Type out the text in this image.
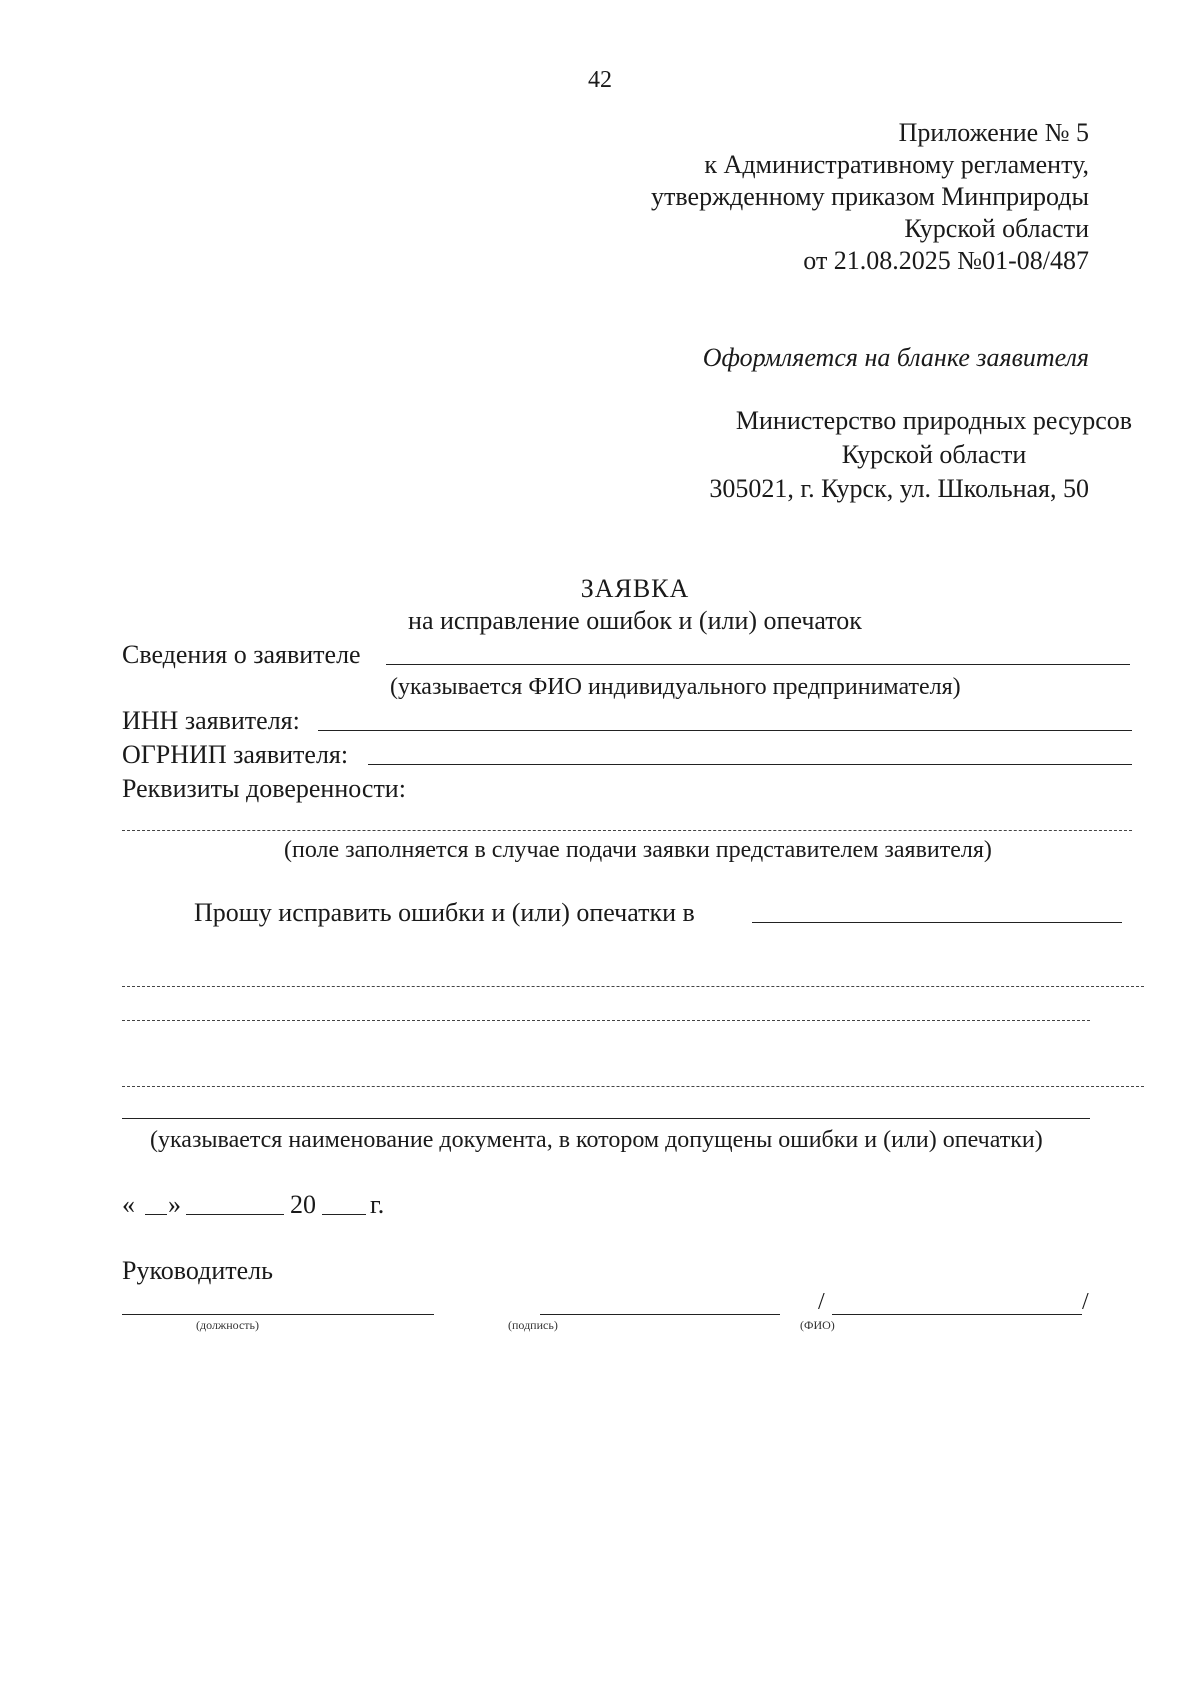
42
Приложение № 5
к Административному регламенту,
утвержденному приказом Минприроды
Курской области
от 21.08.2025 №01-08/487
Оформляется на бланке заявителя
Министерство природных ресурсов
Курской области
305021, г. Курск, ул. Школьная, 50
ЗАЯВКА
на исправление ошибок и (или) опечаток
Сведения о заявителе
(указывается ФИО индивидуального предпринимателя)
ИНН заявителя:
ОГРНИП заявителя:
Реквизиты доверенности:
(поле заполняется в случае подачи заявки представителем заявителя)
Прошу исправить ошибки и (или) опечатки в
(указывается наименование документа, в котором допущены ошибки и (или) опечатки)
« »	20 г.
Руководитель
(должность)	(подпись)
/	/
(ФИО)
